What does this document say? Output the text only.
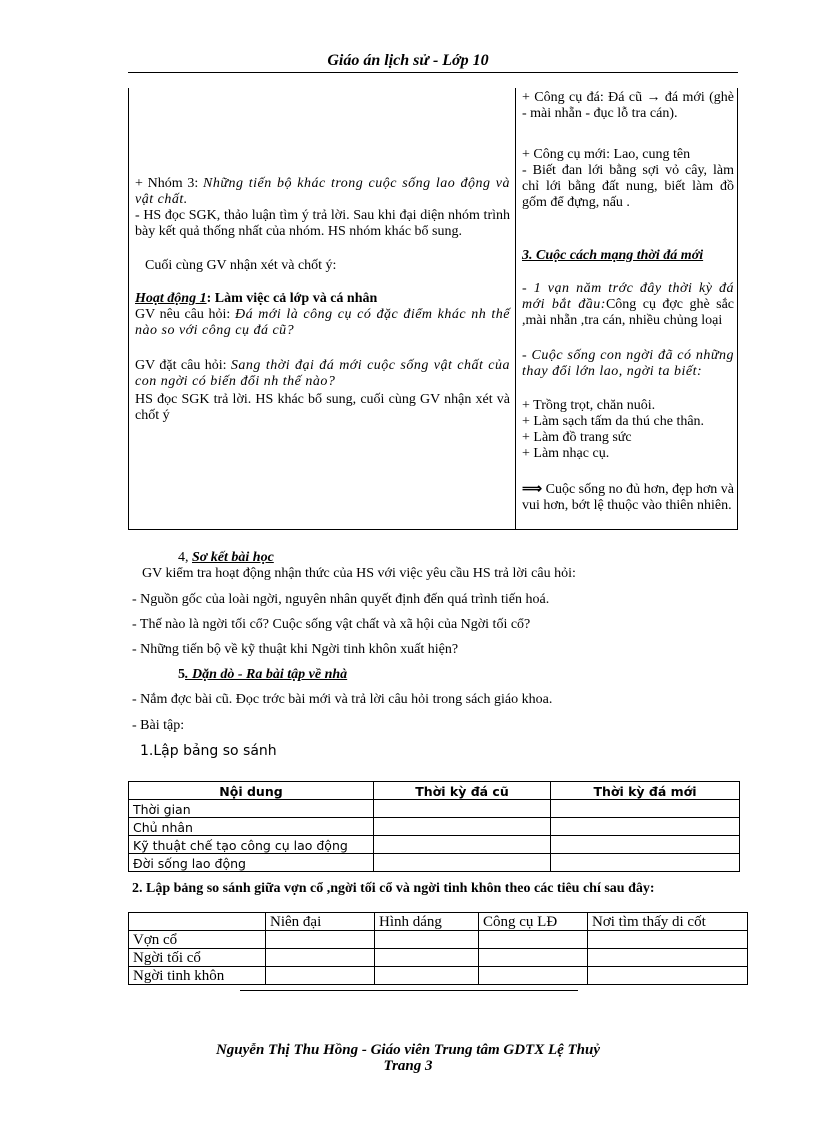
Giáo án lịch sử - Lớp 10
+ Nhóm 3: Những tiến bộ khác trong cuộc sống lao động và vật chất.

- HS đọc SGK, thảo luận tìm ý trả lời. Sau khi đại diện nhóm trình bày kết quả thống nhất của nhóm. HS nhóm khác bổ sung.

Cuối cùng GV nhận xét và chốt ý:

Hoạt động 1: Làm việc cả lớp và cá nhân

GV nêu câu hỏi: Đá mới là công cụ có đặc điểm khác nh thế nào so với công cụ đá cũ?

GV đặt câu hỏi: Sang thời đại đá mới cuộc sống vật chất của con ngời có biến đổi nh thế nào?

HS đọc SGK trả lời. HS khác bổ sung, cuối cùng GV nhận xét và chốt ý

+ Công cụ đá: Đá cũ → đá mới (ghè - mài nhẵn - đục lỗ tra cán).

+ Công cụ mới: Lao, cung tên

- Biết đan lới bằng sợi vỏ cây, làm chỉ lới bằng đất nung, biết làm đồ gốm để đựng, nấu .

3. Cuộc cách mạng thời đá mới

- 1 vạn năm trớc đây thời kỳ đá mới bắt đầu:Công cụ đợc ghè sắc ,mài nhẵn ,tra cán, nhiều chủng loại

- Cuộc sống con ngời đã có những thay đổi lớn lao, ngời ta biết:

+ Trồng trọt, chăn nuôi.

+ Làm sạch tấm da thú che thân.

+ Làm đồ trang sức

+ Làm nhạc cụ.

⟹ Cuộc sống no đủ hơn, đẹp hơn và vui hơn, bớt lệ thuộc vào thiên nhiên.

4, Sơ kết bài học

GV kiểm tra hoạt động nhận thức của HS với việc yêu cầu HS trả lời câu hỏi:

- Nguồn gốc của loài ngời, nguyên nhân quyết định đến quá trình tiến hoá.

- Thế nào là ngời tối cổ? Cuộc sống vật chất và xã hội của Ngời tối cổ?

- Những tiến bộ về kỹ thuật khi Ngời tinh khôn xuất hiện?

5. Dặn dò - Ra bài tập về nhà

- Nắm đợc bài cũ. Đọc trớc bài mới và trả lời câu hỏi trong sách giáo khoa.

- Bài tập:

1.Lập bảng so sánh

Nội dung	Thời kỳ đá cũ	Thời kỳ đá mới
Thời gian		
Chủ nhân		
Kỹ thuật chế tạo công cụ lao động		
Đời sống lao động		

2. Lập bảng so sánh giữa vợn cổ ,ngời tối cổ và ngời tinh khôn theo các tiêu chí sau đây:

	Niên đại	Hình dáng	Công cụ LĐ	Nơi tìm thấy di cốt
Vợn cổ				
Ngời tối cổ				
Ngời tinh khôn				
Nguyễn Thị Thu Hồng - Giáo viên Trung tâm GDTX Lệ Thuỷ
Trang 3
